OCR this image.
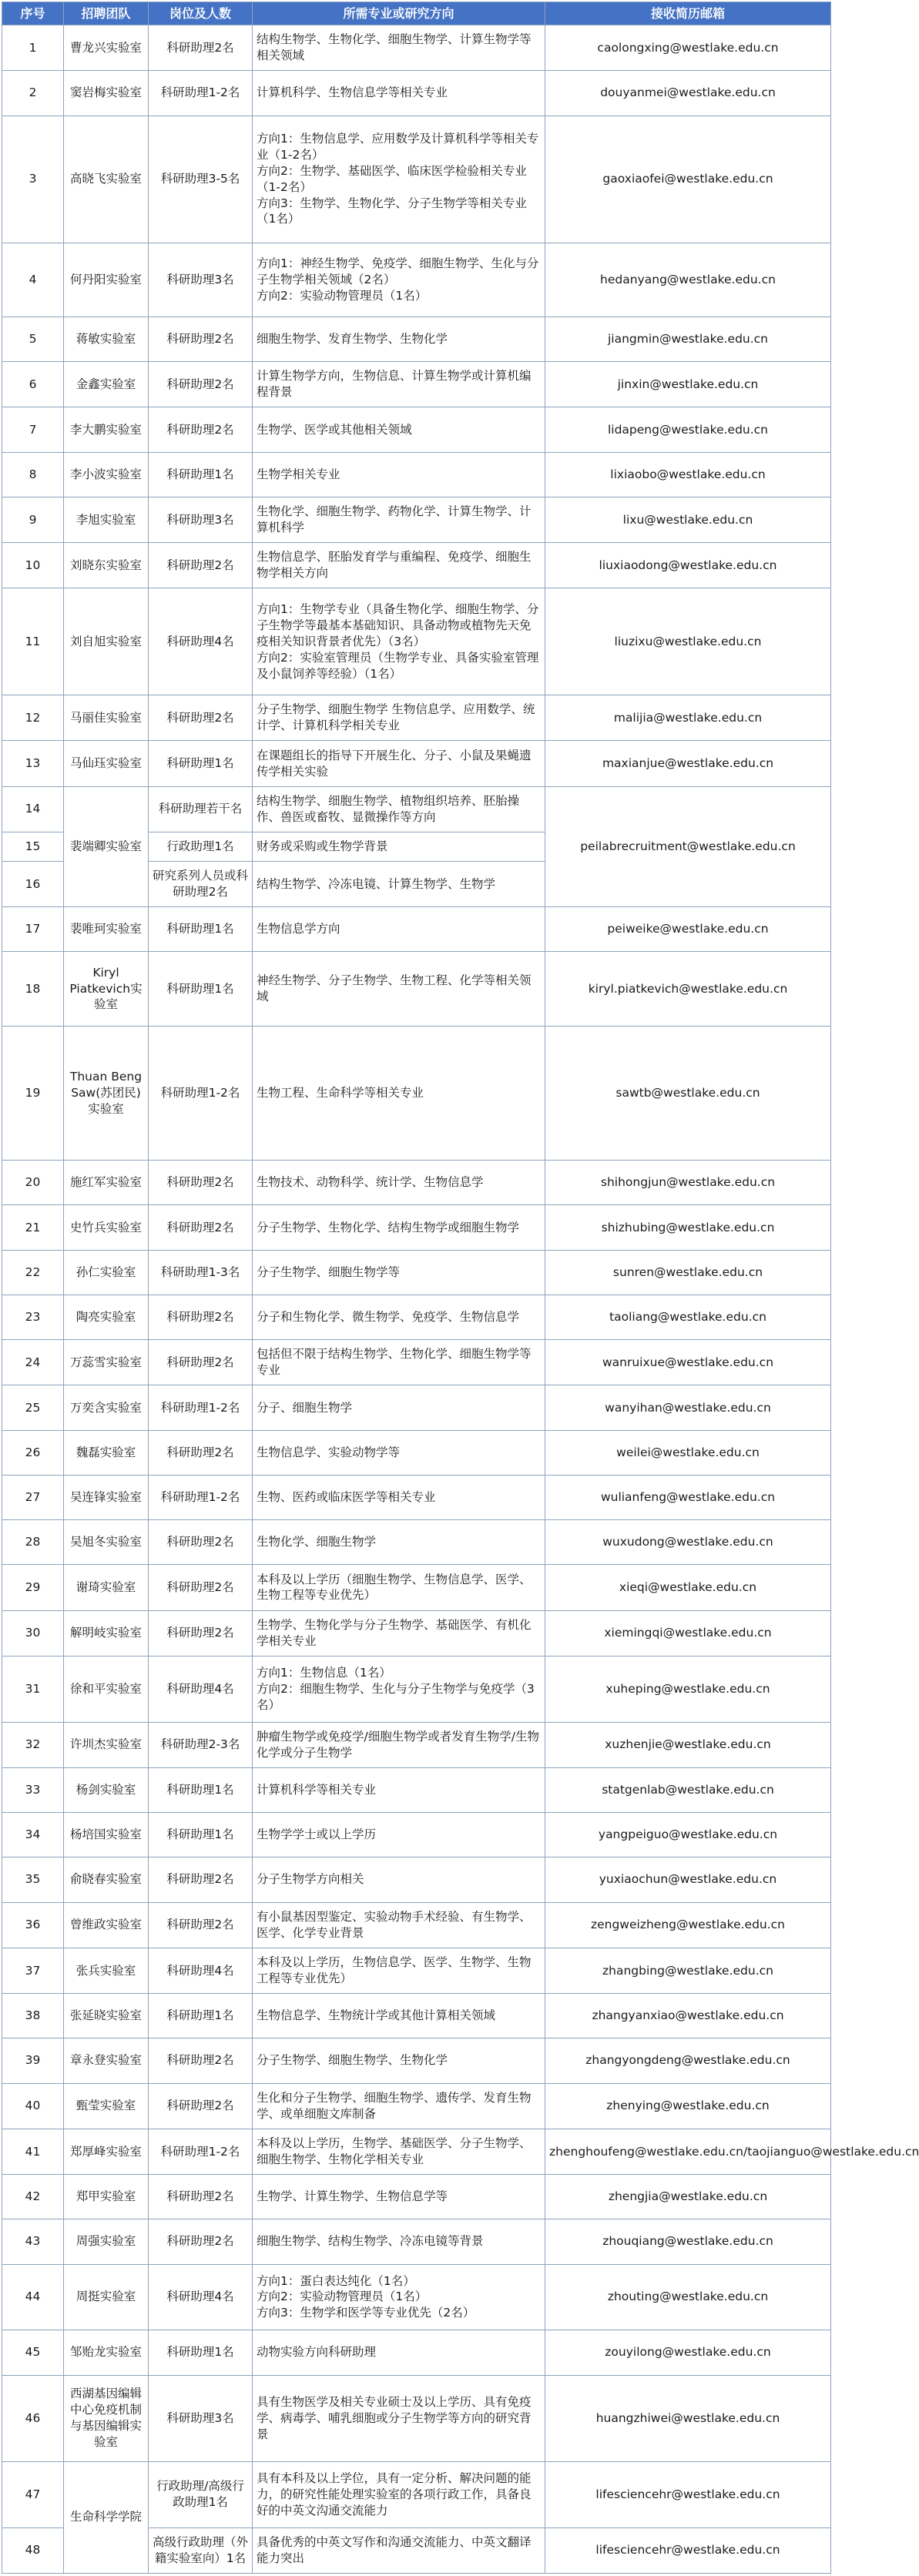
序号	招聘团队	岗位及人数	所需专业或研究方向	接收简历邮箱
1	曹龙兴实验室	科研助理2名	结构生物学、生物化学、细胞生物学、计算生物学等相关领域	caolongxing@westlake.edu.cn
2	窦岩梅实验室	科研助理1-2名	计算机科学、生物信息学等相关专业	douyanmei@westlake.edu.cn
3	高晓飞实验室	科研助理3-5名	方向1：生物信息学、应用数学及计算机科学等相关专业（1-2名）
方向2：生物学、基础医学、临床医学检验相关专业（1-2名）
方向3：生物学、生物化学、分子生物学等相关专业（1名）	gaoxiaofei@westlake.edu.cn
4	何丹阳实验室	科研助理3名	方向1：神经生物学、免疫学、细胞生物学、生化与分子生物学相关领域（2名）
方向2：实验动物管理员（1名）	hedanyang@westlake.edu.cn
5	蒋敏实验室	科研助理2名	细胞生物学、发育生物学、生物化学	jiangmin@westlake.edu.cn
6	金鑫实验室	科研助理2名	计算生物学方向，生物信息、计算生物学或计算机编程背景	jinxin@westlake.edu.cn
7	李大鹏实验室	科研助理2名	生物学、医学或其他相关领域	lidapeng@westlake.edu.cn
8	李小波实验室	科研助理1名	生物学相关专业	lixiaobo@westlake.edu.cn
9	李旭实验室	科研助理3名	生物化学、细胞生物学、药物化学、计算生物学、计算机科学	lixu@westlake.edu.cn
10	刘晓东实验室	科研助理2名	生物信息学、胚胎发育学与重编程、免疫学、细胞生物学相关方向	liuxiaodong@westlake.edu.cn
11	刘自旭实验室	科研助理4名	方向1：生物学专业（具备生物化学、细胞生物学、分子生物学等最基本基础知识、具备动物或植物先天免疫相关知识背景者优先）（3名）
方向2：实验室管理员（生物学专业、具备实验室管理及小鼠饲养等经验）（1名）	liuzixu@westlake.edu.cn
12	马丽佳实验室	科研助理2名	分子生物学、细胞生物学 生物信息学、应用数学、统计学、计算机科学相关专业	malijia@westlake.edu.cn
13	马仙珏实验室	科研助理1名	在课题组长的指导下开展生化、分子、小鼠及果蝇遗传学相关实验	maxianjue@westlake.edu.cn
14	裴端卿实验室	科研助理若干名	结构生物学、细胞生物学、植物组织培养、胚胎操作、兽医或畜牧、显微操作等方向	peilabrecruitment@westlake.edu.cn
15		行政助理1名	财务或采购或生物学背景	

16		研究系列人员或科研助理2名	结构生物学、冷冻电镜、计算生物学、生物学	

17	裴唯珂实验室	科研助理1名	生物信息学方向	peiweike@westlake.edu.cn
18	Kiryl Piatkevich实验室	科研助理1名	神经生物学、分子生物学、生物工程、化学等相关领域	kiryl.piatkevich@westlake.edu.cn
19	Thuan Beng Saw(苏团民)实验室	科研助理1-2名	生物工程、生命科学等相关专业	sawtb@westlake.edu.cn
20	施红军实验室	科研助理2名	生物技术、动物科学、统计学、生物信息学	shihongjun@westlake.edu.cn
21	史竹兵实验室	科研助理2名	分子生物学、生物化学、结构生物学或细胞生物学	shizhubing@westlake.edu.cn
22	孙仁实验室	科研助理1-3名	分子生物学、细胞生物学等	sunren@westlake.edu.cn
23	陶亮实验室	科研助理2名	分子和生物化学、微生物学、免疫学、生物信息学	taoliang@westlake.edu.cn
24	万蕊雪实验室	科研助理2名	包括但不限于结构生物学、生物化学、细胞生物学等专业	wanruixue@westlake.edu.cn
25	万奕含实验室	科研助理1-2名	分子、细胞生物学	wanyihan@westlake.edu.cn
26	魏磊实验室	科研助理2名	生物信息学、实验动物学等	weilei@westlake.edu.cn
27	吴连锋实验室	科研助理1-2名	生物、医药或临床医学等相关专业	wulianfeng@westlake.edu.cn
28	吴旭冬实验室	科研助理2名	生物化学、细胞生物学	wuxudong@westlake.edu.cn
29	谢琦实验室	科研助理2名	本科及以上学历（细胞生物学、生物信息学、医学、生物工程等专业优先）	xieqi@westlake.edu.cn
30	解明岐实验室	科研助理2名	生物学、生物化学与分子生物学、基础医学、有机化学相关专业	xiemingqi@westlake.edu.cn
31	徐和平实验室	科研助理4名	方向1：生物信息（1名）
方向2：细胞生物学、生化与分子生物学与免疫学（3名）	xuheping@westlake.edu.cn
32	许圳杰实验室	科研助理2-3名	肿瘤生物学或免疫学/细胞生物学或者发育生物学/生物化学或分子生物学	xuzhenjie@westlake.edu.cn
33	杨剑实验室	科研助理1名	计算机科学等相关专业	statgenlab@westlake.edu.cn
34	杨培国实验室	科研助理1名	生物学学士或以上学历	yangpeiguo@westlake.edu.cn
35	俞晓春实验室	科研助理2名	分子生物学方向相关	yuxiaochun@westlake.edu.cn
36	曾维政实验室	科研助理2名	有小鼠基因型鉴定、实验动物手术经验、有生物学、医学、化学专业背景	zengweizheng@westlake.edu.cn
37	张兵实验室	科研助理4名	本科及以上学历，生物信息学、医学、生物学、生物工程等专业优先）	zhangbing@westlake.edu.cn
38	张延晓实验室	科研助理1名	生物信息学、生物统计学或其他计算相关领域	zhangyanxiao@westlake.edu.cn
39	章永登实验室	科研助理2名	分子生物学、细胞生物学、生物化学	zhangyongdeng@westlake.edu.cn
40	甄莹实验室	科研助理2名	生化和分子生物学、细胞生物学、遗传学、发育生物学、或单细胞文库制备	zhenying@westlake.edu.cn
41	郑厚峰实验室	科研助理1-2名	本科及以上学历，生物学、基础医学、分子生物学、细胞生物学、生物化学相关专业	zhenghoufeng@westlake.edu.cn/taojianguo@westlake.edu.cn
42	郑甲实验室	科研助理2名	生物学、计算生物学、生物信息学等	zhengjia@westlake.edu.cn
43	周强实验室	科研助理2名	细胞生物学、结构生物学、冷冻电镜等背景	zhouqiang@westlake.edu.cn
44	周挺实验室	科研助理4名	方向1：蛋白表达纯化（1名）
方向2：实验动物管理员（1名）
方向3：生物学和医学等专业优先（2名）	zhouting@westlake.edu.cn
45	邹贻龙实验室	科研助理1名	动物实验方向科研助理	zouyilong@westlake.edu.cn
46	西湖基因编辑中心免疫机制与基因编辑实验室	科研助理3名	具有生物医学及相关专业硕士及以上学历、具有免疫学、病毒学、哺乳细胞或分子生物学等方向的研究背景	huangzhiwei@westlake.edu.cn
47	生命科学学院	行政助理/高级行政助理1名	具有本科及以上学位，具有一定分析、解决问题的能力，的研究性能处理实验室的各项行政工作，具备良好的中英文沟通交流能力	lifesciencehr@westlake.edu.cn
48		高级行政助理（外籍实验室向）1名	具备优秀的中英文写作和沟通交流能力、中英文翻译能力突出	lifesciencehr@westlake.edu.cn
